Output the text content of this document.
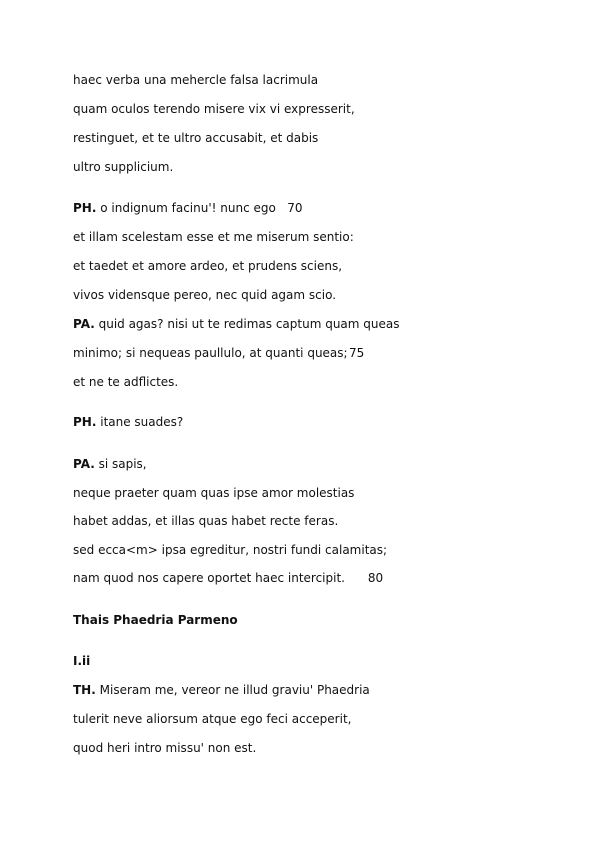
haec verba una mehercle falsa lacrimula
quam oculos terendo misere vix vi expresserit,
restinguet, et te ultro accusabit, et dabis
ultro supplicium.
PH. o indignum facinu'! nunc ego 70
et illam scelestam esse et me miserum sentio:
et taedet et amore ardeo, et prudens sciens,
vivos vidensque pereo, nec quid agam scio.
PA. quid agas? nisi ut te redimas captum quam queas
minimo; si nequeas paullulo, at quanti queas; 75
et ne te adflictes.
PH. itane suades?
PA. si sapis,
neque praeter quam quas ipse amor molestias
habet addas, et illas quas habet recte feras.
sed ecca<m> ipsa egreditur, nostri fundi calamitas;
nam quod nos capere oportet haec intercipit. 80
Thais Phaedria Parmeno
I.ii
TH. Miseram me, vereor ne illud graviu' Phaedria
tulerit neve aliorsum atque ego feci acceperit,
quod heri intro missu' non est.
